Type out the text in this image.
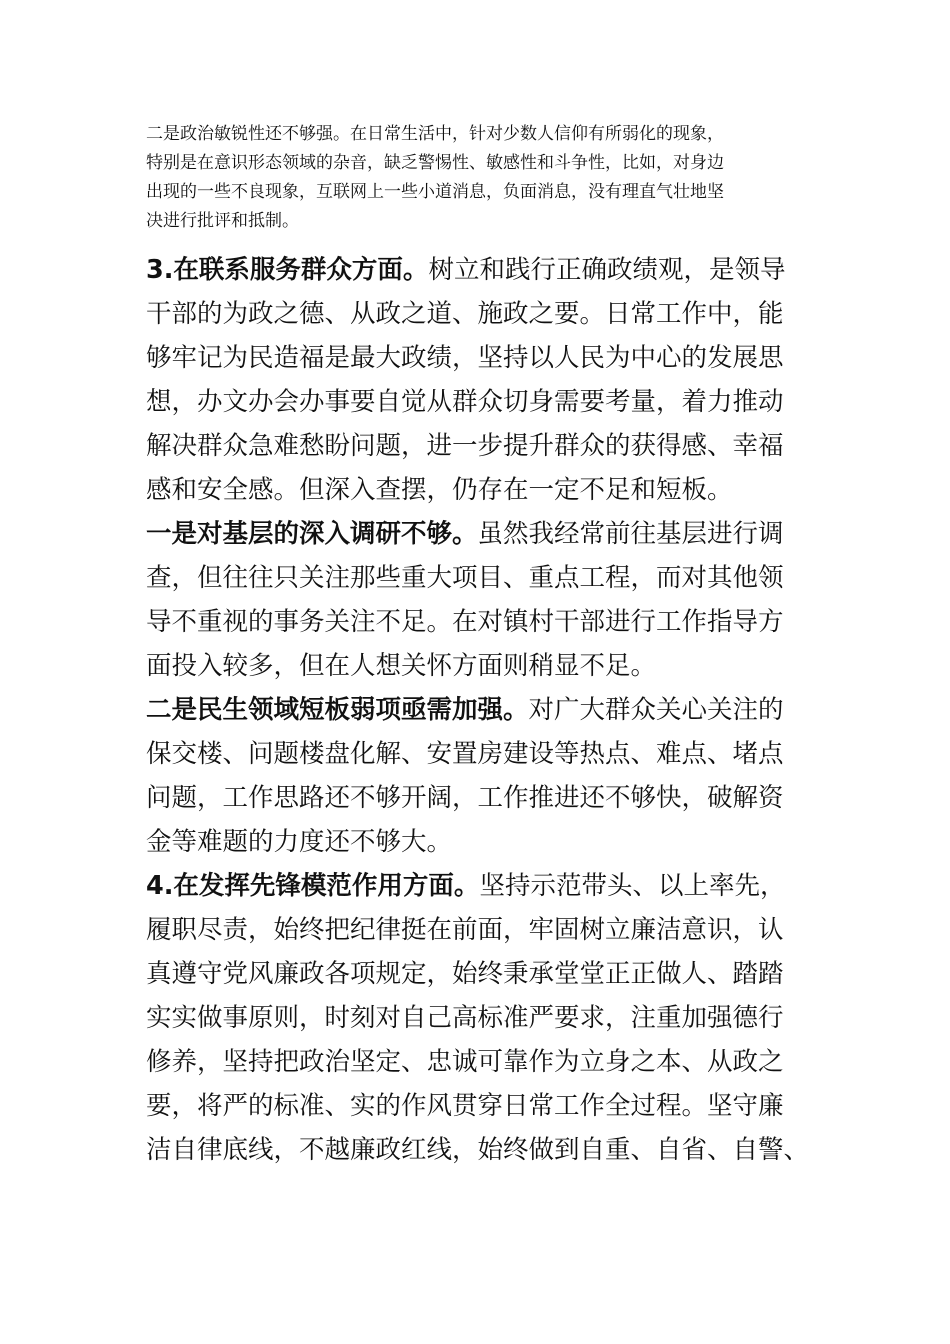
二是政治敏锐性还不够强。在日常生活中，针对少数人信仰有所弱化的现象，
特别是在意识形态领域的杂音，缺乏警惕性、敏感性和斗争性，比如，对身边
出现的一些不良现象，互联网上一些小道消息，负面消息，没有理直气壮地坚
决进行批评和抵制。

3.在联系服务群众方面。树立和践行正确政绩观，是领导
干部的为政之德、从政之道、施政之要。日常工作中，能
够牢记为民造福是最大政绩，坚持以人民为中心的发展思
想，办文办会办事要自觉从群众切身需要考量，着力推动
解决群众急难愁盼问题，进一步提升群众的获得感、幸福
感和安全感。但深入查摆，仍存在一定不足和短板。

一是对基层的深入调研不够。虽然我经常前往基层进行调
查，但往往只关注那些重大项目、重点工程，而对其他领
导不重视的事务关注不足。在对镇村干部进行工作指导方
面投入较多，但在人想关怀方面则稍显不足。

二是民生领域短板弱项亟需加强。对广大群众关心关注的
保交楼、问题楼盘化解、安置房建设等热点、难点、堵点
问题，工作思路还不够开阔，工作推进还不够快，破解资
金等难题的力度还不够大。

4.在发挥先锋模范作用方面。坚持示范带头、以上率先，
履职尽责，始终把纪律挺在前面，牢固树立廉洁意识，认
真遵守党风廉政各项规定，始终秉承堂堂正正做人、踏踏
实实做事原则，时刻对自己高标准严要求，注重加强德行
修养，坚持把政治坚定、忠诚可靠作为立身之本、从政之
要，将严的标准、实的作风贯穿日常工作全过程。坚守廉
洁自律底线，不越廉政红线，始终做到自重、自省、自警、
